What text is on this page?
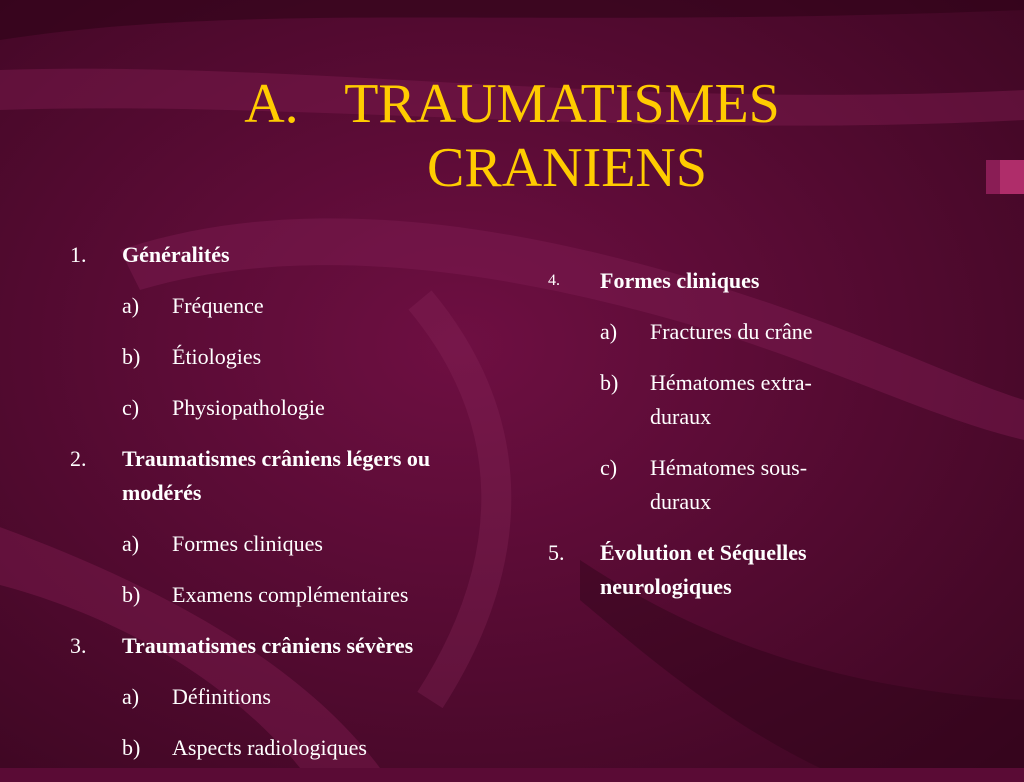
A. TRAUMATISMES
CRANIENS
1. Généralités
a) Fréquence
b) Étiologies
c) Physiopathologie
2. Traumatismes crâniens légers ou modérés
a) Formes cliniques
b) Examens complémentaires
3. Traumatismes crâniens sévères
a) Définitions
b) Aspects radiologiques
4. Formes cliniques
a) Fractures du crâne
b) Hématomes extra-duraux
c) Hématomes sous-duraux
5. Évolution et Séquelles neurologiques
